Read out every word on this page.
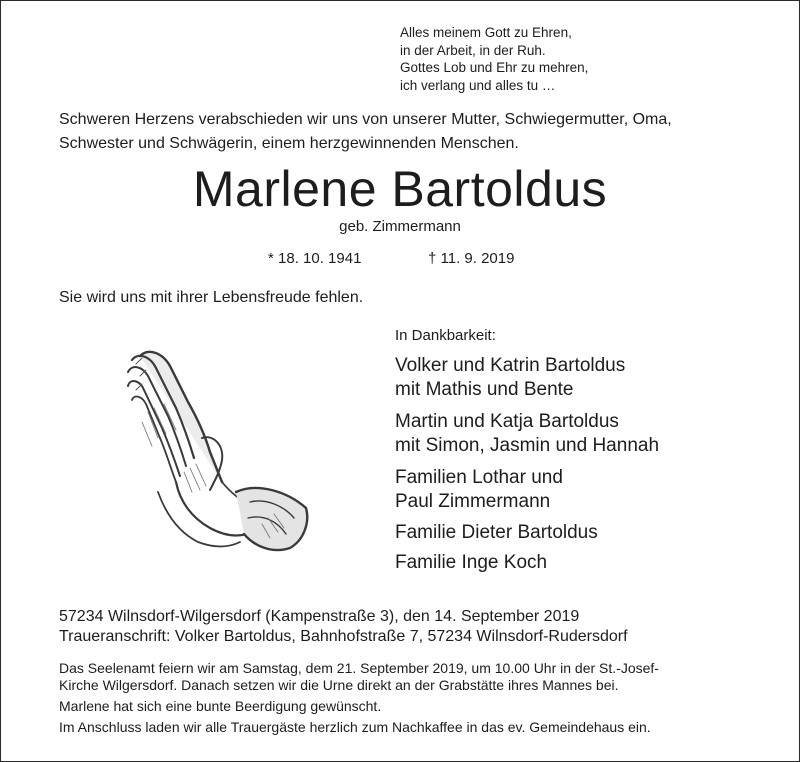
Alles meinem Gott zu Ehren,
in der Arbeit, in der Ruh.
Gottes Lob und Ehr zu mehren,
ich verlang und alles tu …
Schweren Herzens verabschieden wir uns von unserer Mutter, Schwiegermutter, Oma,
Schwester und Schwägerin, einem herzgewinnenden Menschen.
Marlene Bartoldus
geb. Zimmermann
* 18. 10. 1941	† 11. 9. 2019
Sie wird uns mit ihrer Lebensfreude fehlen.
In Dankbarkeit:
Volker und Katrin Bartoldus
mit Mathis und Bente
Martin und Katja Bartoldus
mit Simon, Jasmin und Hannah
Familien Lothar und
Paul Zimmermann
Familie Dieter Bartoldus
Familie Inge Koch
57234 Wilnsdorf-Wilgersdorf (Kampenstraße 3), den 14. September 2019
Traueranschrift: Volker Bartoldus, Bahnhofstraße 7, 57234 Wilnsdorf-Rudersdorf
Das Seelenamt feiern wir am Samstag, dem 21. September 2019, um 10.00 Uhr in der St.-Josef-
Kirche Wilgersdorf. Danach setzen wir die Urne direkt an der Grabstätte ihres Mannes bei.
Marlene hat sich eine bunte Beerdigung gewünscht.
Im Anschluss laden wir alle Trauergäste herzlich zum Nachkaffee in das ev. Gemeindehaus ein.
